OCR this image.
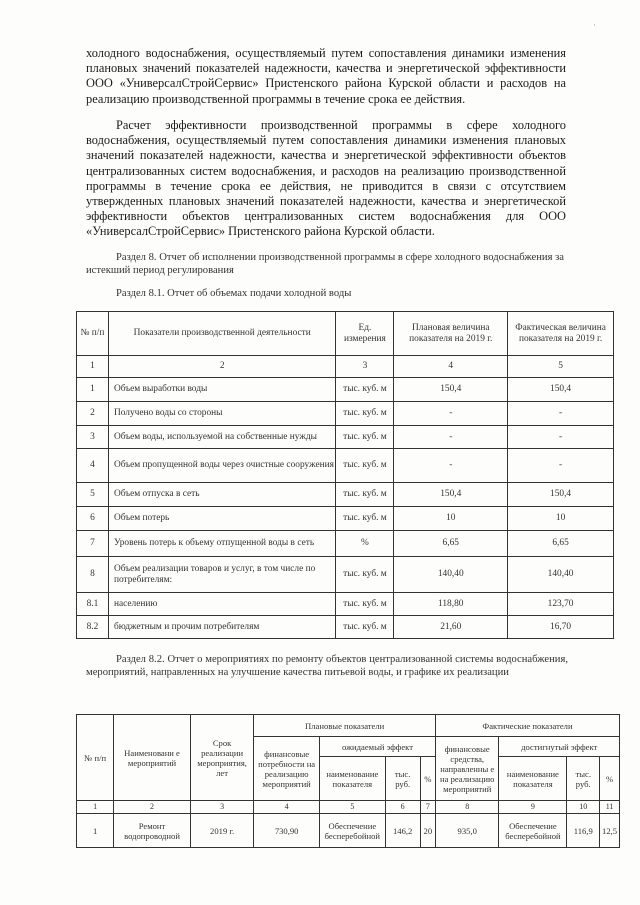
·
холодного водоснабжения, осуществляемый путем сопоставления динамики изменения плановых значений показателей надежности, качества и энергетической эффективности ООО «УниверсалСтройСервис» Пристенского района Курской области и расходов на реализацию производственной программы в течение срока ее действия.
Расчет эффективности производственной программы в сфере холодного водоснабжения, осуществляемый путем сопоставления динамики изменения плановых значений показателей надежности, качества и энергетической эффективности объектов централизованных систем водоснабжения, и расходов на реализацию производственной программы в течение срока ее действия, не приводится в связи с отсутствием утвержденных плановых значений показателей надежности, качества и энергетической эффективности объектов централизованных систем водоснабжения для ООО «УниверсалСтройСервис» Пристенского района Курской области.
Раздел 8. Отчет об исполнении производственной программы в сфере холодного водоснабжения за истекший период регулирования
Раздел 8.1. Отчет об объемах подачи холодной воды
№ п/п	Показатели производственной деятельности	Ед. измерения	Плановая величина показателя на 2019 г.	Фактическая величина показателя на 2019 г.
1	2	3	4	5
1	Объем выработки воды	тыс. куб. м	150,4	150,4
2	Получено воды со стороны	тыс. куб. м	-	-
3	Объем воды, используемой на собственные нужды	тыс. куб. м	-	-
4	Объем пропущенной воды через очистные сооружения	тыс. куб. м	-	-
5	Объем отпуска в сеть	тыс. куб. м	150,4	150,4
6	Объем потерь	тыс. куб. м	10	10
7	Уровень потерь к объему отпущенной воды в сеть	%	6,65	6,65
8	Объем реализации товаров и услуг, в том числе по потребителям:	тыс. куб. м	140,40	140,40
8.1	населению	тыс. куб. м	118,80	123,70
8.2	бюджетным и прочим потребителям	тыс. куб. м	21,60	16,70
Раздел 8.2. Отчет о мероприятиях по ремонту объектов централизованной системы водоснабжения, мероприятий, направленных на улучшение качества питьевой воды, и графике их реализации
№ п/п	Наименовани е мероприятий	Срок реализации мероприятия, лет	Плановые показатели				Фактические показатели			
			финансовые потребности на реализацию мероприятий	ожидаемый эффект			финансовые средства, направленны е на реализацию мероприятий	достигнутый эффект		
				наименование показателя	тыс. руб.	%		наименование показателя	тыс. руб.	%
1	2	3	4	5	6	7	8	9	10	11
1	Ремонт водопроводной	2019 г.	730,90	Обеспечение бесперебойной	146,2	20	935,0	Обеспечение бесперебойной	116,9	12,5
